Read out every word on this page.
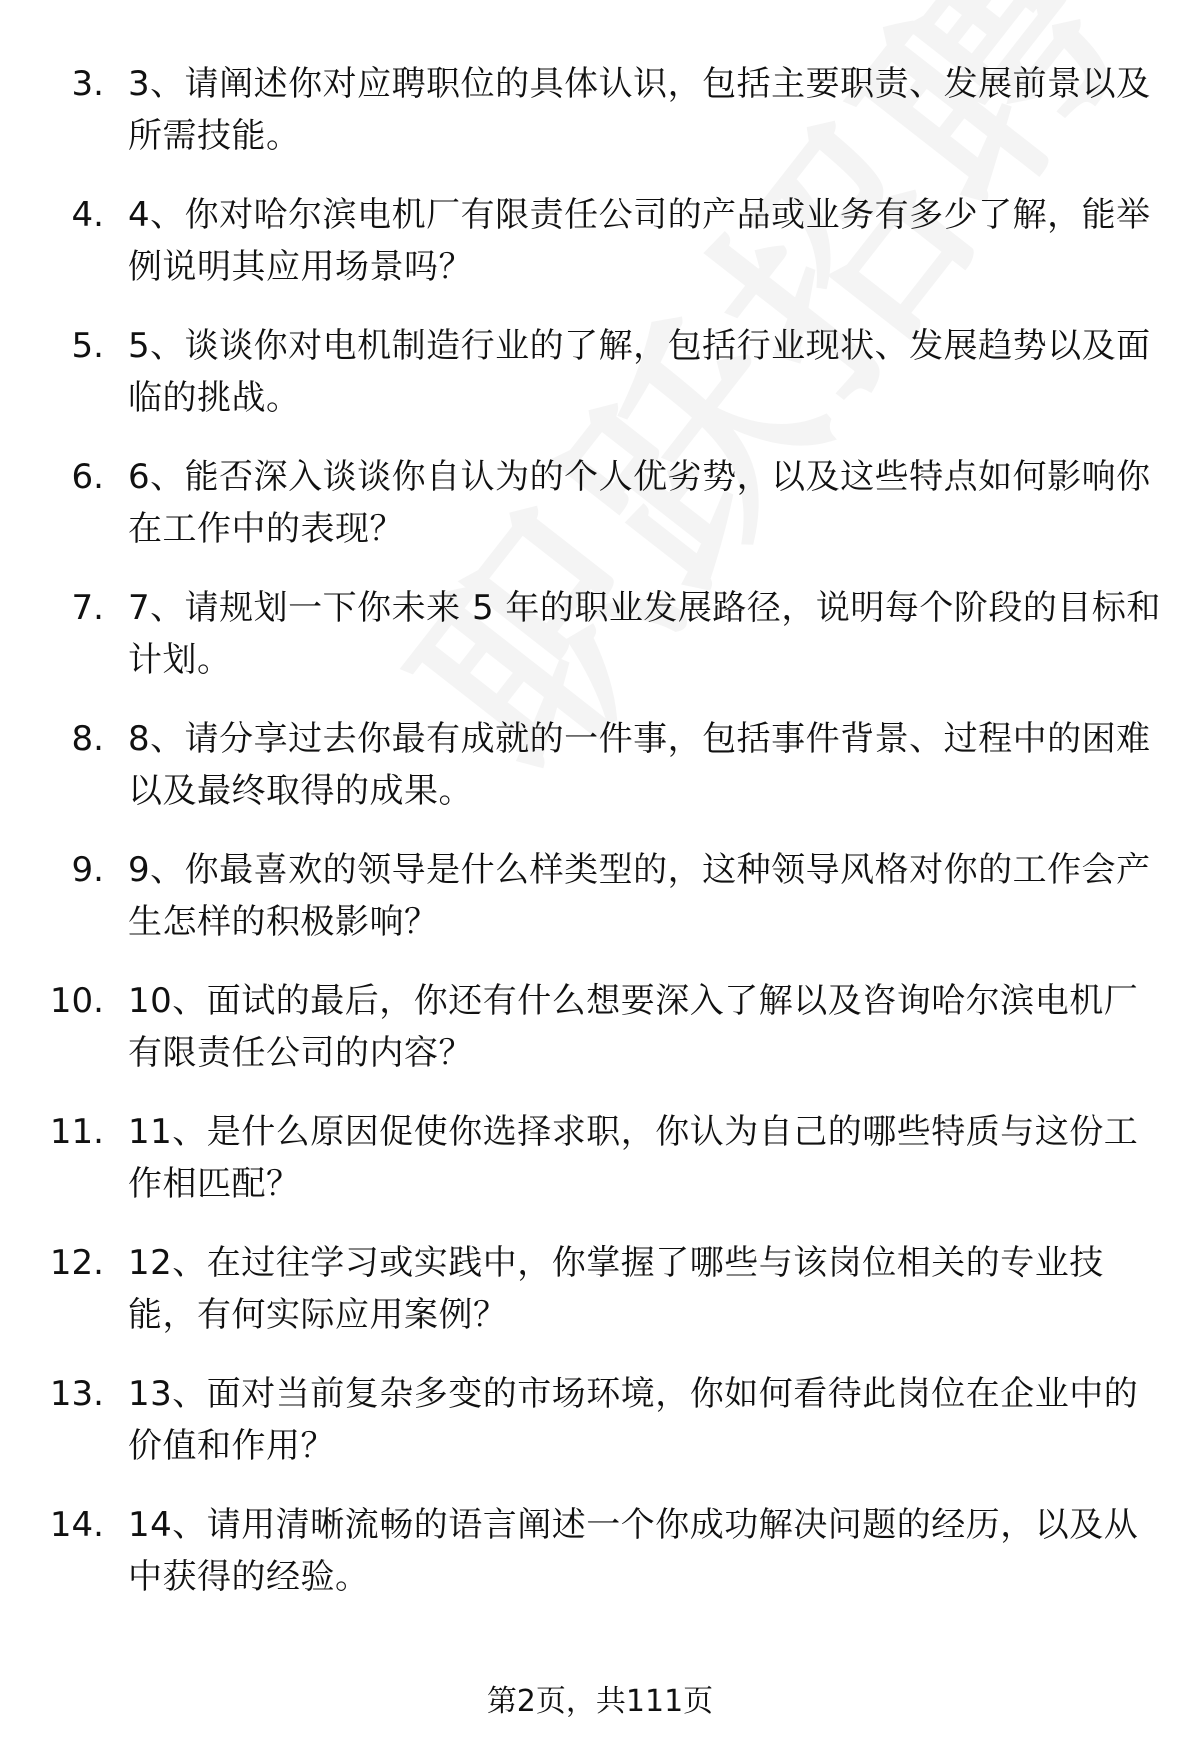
3. 3、请阐述你对应聘职位的具体认识，包括主要职责、发展前景以及所需技能。
4. 4、你对哈尔滨电机厂有限责任公司的产品或业务有多少了解，能举例说明其应用场景吗？
5. 5、谈谈你对电机制造行业的了解，包括行业现状、发展趋势以及面临的挑战。
6. 6、能否深入谈谈你自认为的个人优劣势，以及这些特点如何影响你在工作中的表现？
7. 7、请规划一下你未来 5 年的职业发展路径，说明每个阶段的目标和计划。
8. 8、请分享过去你最有成就的一件事，包括事件背景、过程中的困难以及最终取得的成果。
9. 9、你最喜欢的领导是什么样类型的，这种领导风格对你的工作会产生怎样的积极影响？
10. 10、面试的最后，你还有什么想要深入了解以及咨询哈尔滨电机厂有限责任公司的内容？
11. 11、是什么原因促使你选择求职，你认为自己的哪些特质与这份工作相匹配？
12. 12、在过往学习或实践中，你掌握了哪些与该岗位相关的专业技能，有何实际应用案例？
13. 13、面对当前复杂多变的市场环境，你如何看待此岗位在企业中的价值和作用？
14. 14、请用清晰流畅的语言阐述一个你成功解决问题的经历，以及从中获得的经验。
第2页，共111页
